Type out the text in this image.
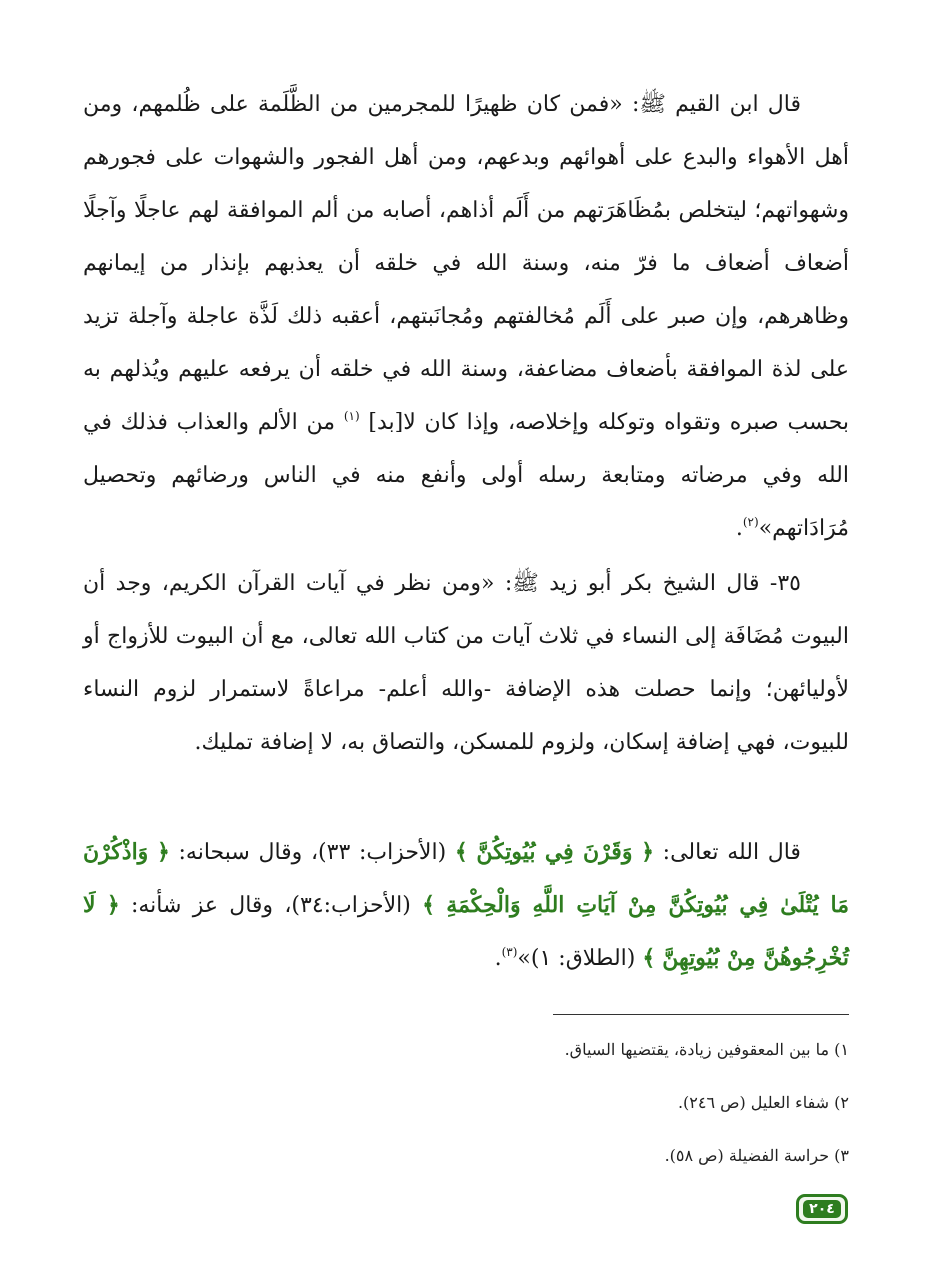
قال ابن القيم ﷺ: «فمن كان ظهيرًا للمجرمين من الظَّلَمة على ظُلمهم، ومن أهل الأهواء والبدع على أهوائهم وبدعهم، ومن أهل الفجور والشهوات على فجورهم وشهواتهم؛ ليتخلص بمُظَاهَرَتهم من أَلَم أذاهم، أصابه من ألم الموافقة لهم عاجلًا وآجلًا أضعاف أضعاف ما فرّ منه، وسنة الله في خلقه أن يعذبهم بإنذار من إيمانهم وظاهرهم، وإن صبر على أَلَم مُخالفتهم ومُجانَبتهم، أعقبه ذلك لَذَّة عاجلة وآجلة تزيد على لذة الموافقة بأضعاف مضاعفة، وسنة الله في خلقه أن يرفعه عليهم ويُذلهم به بحسب صبره وتقواه وتوكله وإخلاصه، وإذا كان لا[بد] $^{(١)}$ من الألم والعذاب فذلك في الله وفي مرضاته ومتابعة رسله أولى وأنفع منه في الناس ورضائهم وتحصيل مُرَادَاتهم»$^{(٢)}$.

٣٥- قال الشيخ بكر أبو زيد ﷺ: «ومن نظر في آيات القرآن الكريم، وجد أن البيوت مُضَافَة إلى النساء في ثلاث آيات من كتاب الله تعالى، مع أن البيوت للأزواج أو لأوليائهن؛ وإنما حصلت هذه الإضافة -والله أعلم- مراعاةً لاستمرار لزوم النساء للبيوت، فهي إضافة إسكان، ولزوم للمسكن، والتصاق به، لا إضافة تمليك.

قال الله تعالى: ﴿ وَقَرْنَ فِي بُيُوتِكُنَّ ﴾ (الأحزاب: ٣٣)، وقال سبحانه: ﴿ وَاذْكُرْنَ مَا يُتْلَىٰ فِي بُيُوتِكُنَّ مِنْ آيَاتِ اللَّهِ وَالْحِكْمَةِ ﴾ (الأحزاب:٣٤)، وقال عز شأنه: ﴿ لَا تُخْرِجُوهُنَّ مِنْ بُيُوتِهِنَّ ﴾ (الطلاق: ١)»$^{(٣)}$.

١) ما بين المعقوفين زيادة، يقتضيها السياق.
٢) شفاء العليل (ص ٢٤٦).
٣) حراسة الفضيلة (ص ٥٨).
٢٠٤
